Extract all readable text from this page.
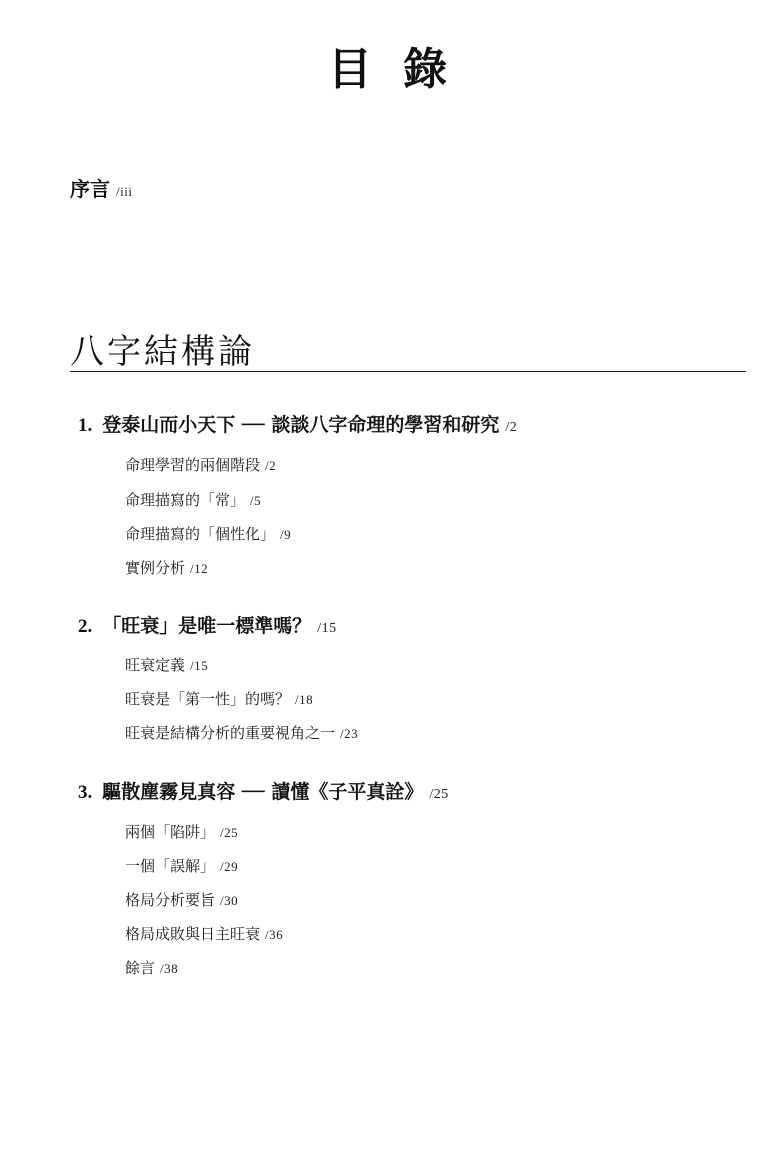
目 錄
序言 /iii
八字結構論
1. 登泰山而小天下 ── 談談八字命理的學習和研究 /2
命理學習的兩個階段 /2
命理描寫的「常」 /5
命理描寫的「個性化」 /9
實例分析 /12
2. 「旺衰」是唯一標準嗎？ /15
旺衰定義 /15
旺衰是「第一性」的嗎？ /18
旺衰是結構分析的重要視角之一 /23
3. 驅散塵霧見真容 ── 讀懂《子平真詮》 /25
兩個「陷阱」 /25
一個「誤解」 /29
格局分析要旨 /30
格局成敗與日主旺衰 /36
餘言 /38
